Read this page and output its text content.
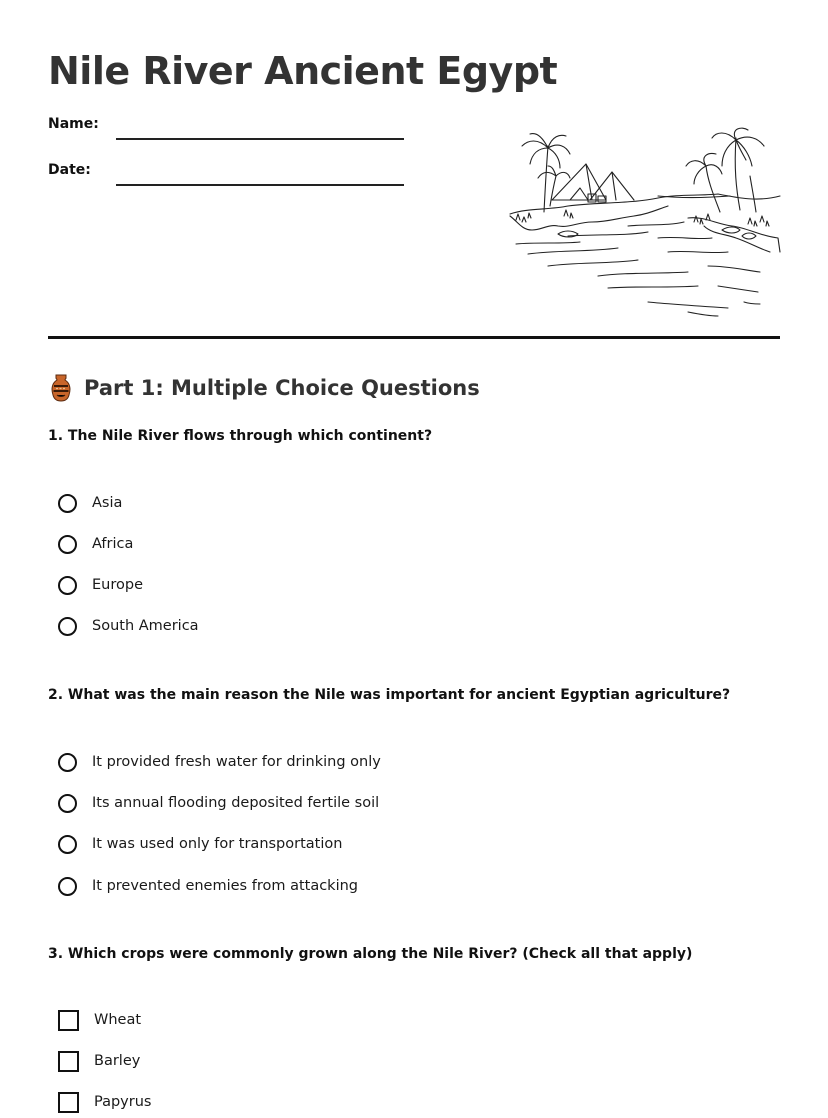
Nile River Ancient Egypt
Name:
Date:
Part 1: Multiple Choice Questions
1. The Nile River flows through which continent?
Asia
Africa
Europe
South America
2. What was the main reason the Nile was important for ancient Egyptian agriculture?
It provided fresh water for drinking only
Its annual flooding deposited fertile soil
It was used only for transportation
It prevented enemies from attacking
3. Which crops were commonly grown along the Nile River? (Check all that apply)
Wheat
Barley
Papyrus
